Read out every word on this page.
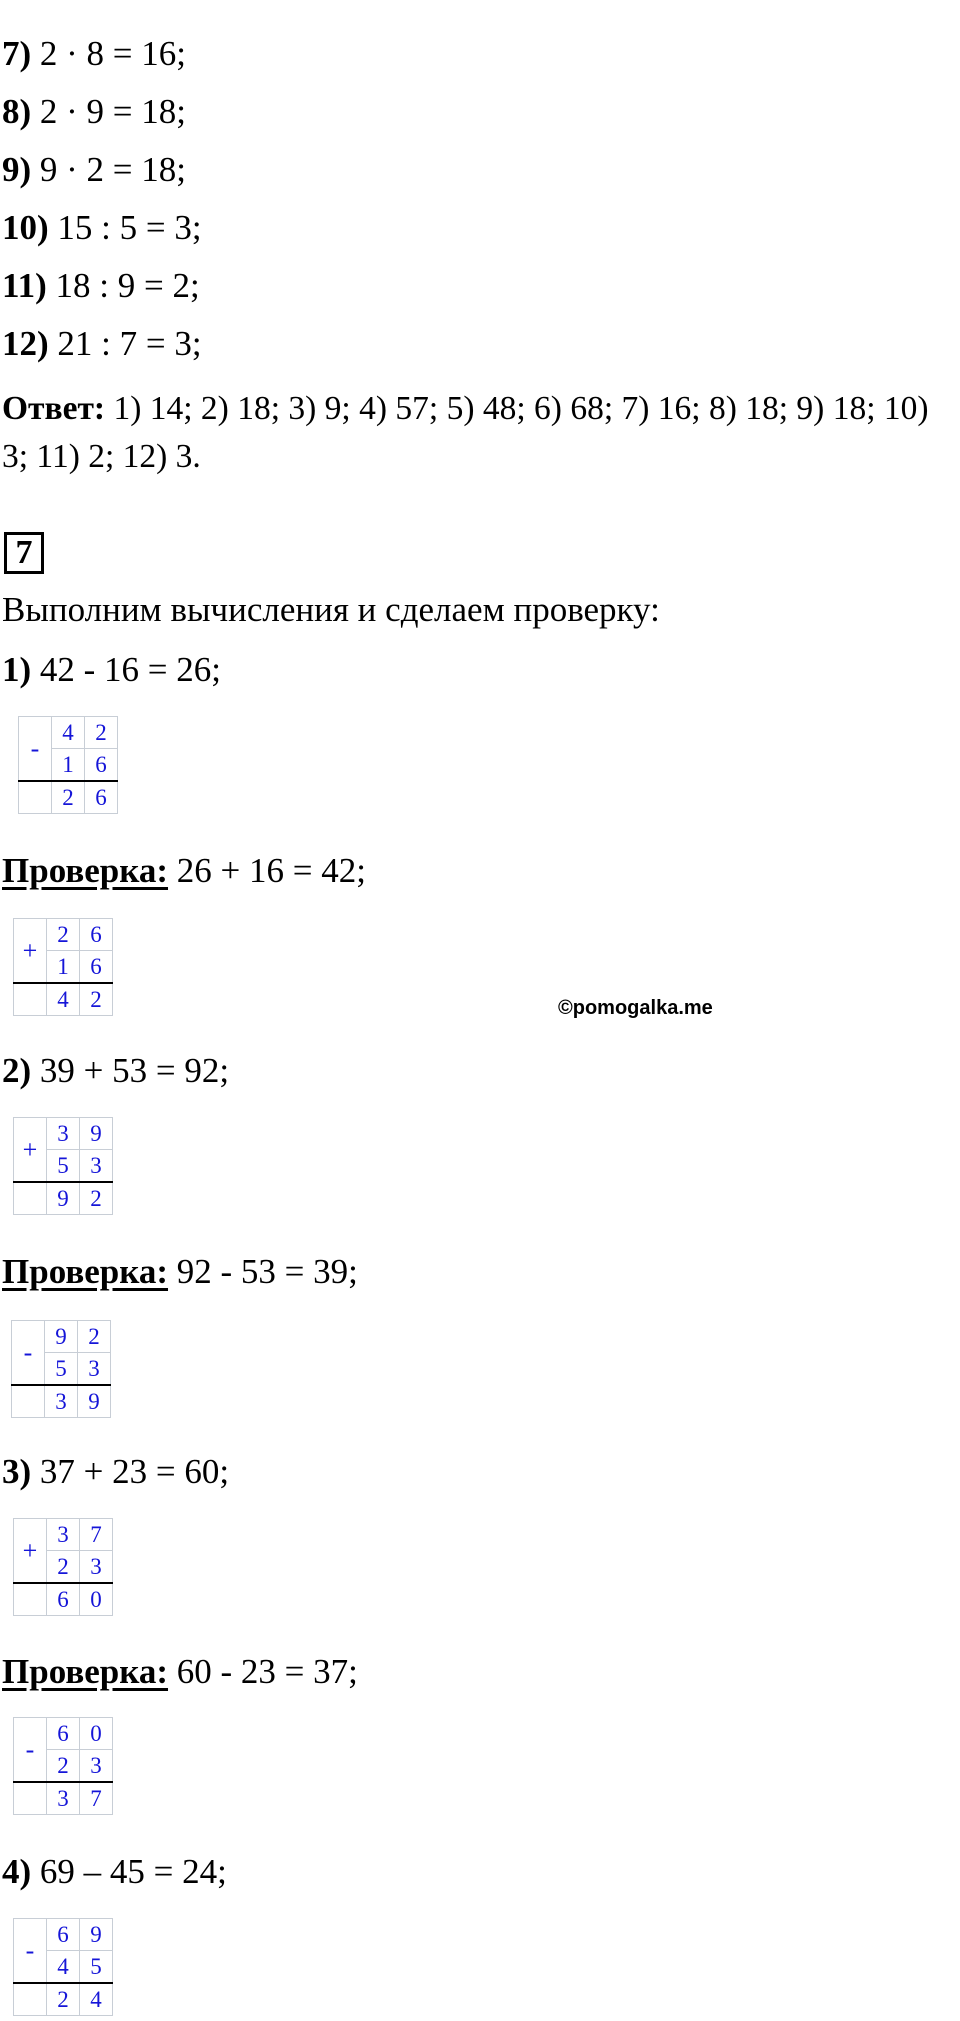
7) 2 · 8 = 16;
8) 2 · 9 = 18;
9) 9 · 2 = 18;
10) 15 : 5 = 3;
11) 18 : 9 = 2;
12) 21 : 7 = 3;
Ответ: 1) 14; 2) 18; 3) 9; 4) 57; 5) 48; 6) 68; 7) 16; 8) 18; 9) 18; 10) 3; 11) 2; 12) 3.
7
Выполним вычисления и сделаем проверку:
1) 42 - 16 = 26;
-	4	2
	1	6
	2	6
Проверка: 26 + 16 = 42;
+	2	6
	1	6
	4	2	©pomogalka.me
2) 39 + 53 = 92;
+	3	9
	5	3
	9	2
Проверка: 92 - 53 = 39;
-	9	2
	5	3
	3	9
3) 37 + 23 = 60;
+	3	7
	2	3
	6	0
Проверка: 60 - 23 = 37;
-	6	0
	2	3
	3	7
4) 69 – 45 = 24;
-	6	9
	4	5
	2	4
